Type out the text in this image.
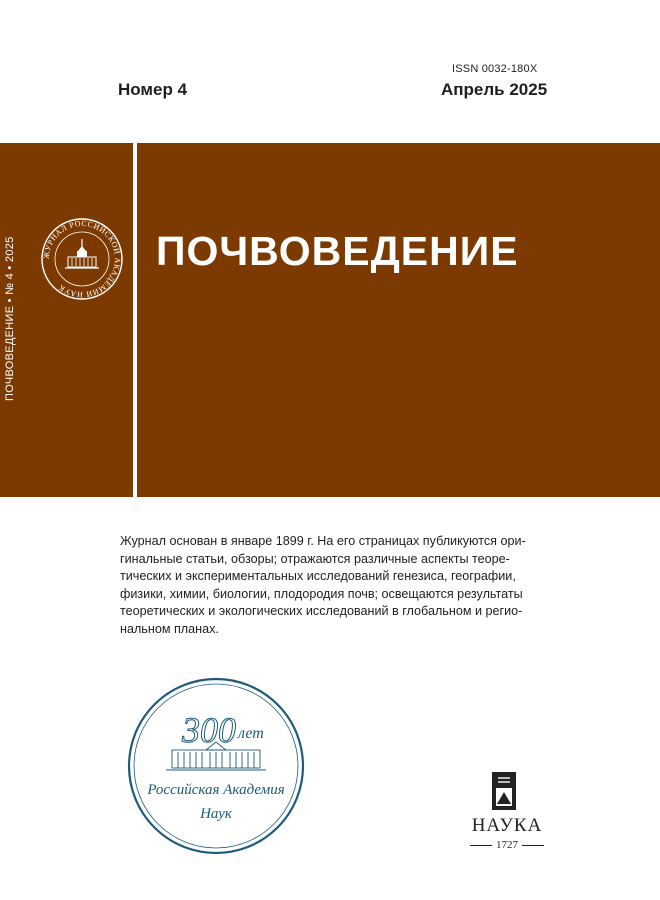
ISSN 0032-180X
Номер 4	Апрель 2025
ПОЧВОВЕДЕНИЕ • № 4 • 2025	ЖУРНАЛ РОССИЙСКОЙ АКАДЕМИИ НАУК
ПОЧВОВЕДЕНИЕ
Журнал основан в январе 1899 г. На его страницах публикуются ори-
гинальные статьи, обзоры; отражаются различные аспекты теоре-
тических и экспериментальных исследований генезиса, географии,
физики, химии, биологии, плодородия почв; освещаются результаты
теоретических и экологических исследований в глобальном и регио-
нальном планах.
300 лет
Российская Академия
Наук
НАУКА
1727
